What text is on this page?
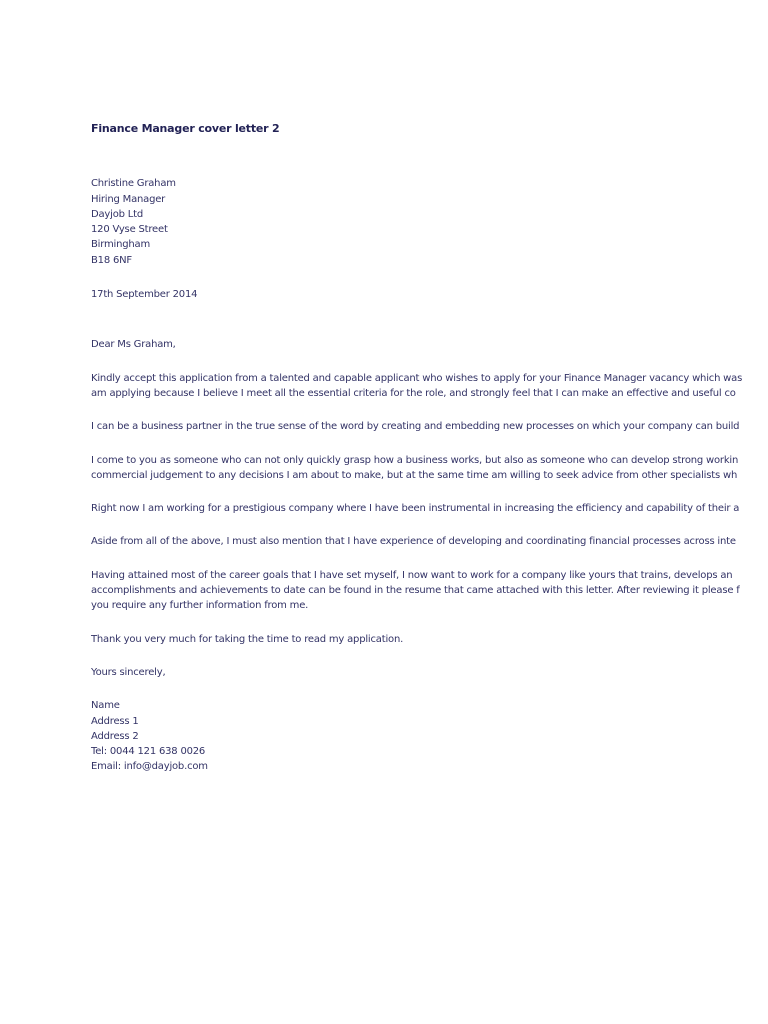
Finance Manager cover letter 2
Christine Graham
Hiring Manager
Dayjob Ltd
120 Vyse Street
Birmingham
B18 6NF
17th September 2014
Dear Ms Graham,
Kindly accept this application from a talented and capable applicant who wishes to apply for your Finance Manager vacancy which was
am applying because I believe I meet all the essential criteria for the role, and strongly feel that I can make an effective and useful co
I can be a business partner in the true sense of the word by creating and embedding new processes on which your company can build
I come to you as someone who can not only quickly grasp how a business works, but also as someone who can develop strong workin
commercial judgement to any decisions I am about to make, but at the same time am willing to seek advice from other specialists wh
Right now I am working for a prestigious company where I have been instrumental in increasing the efficiency and capability of their a
Aside from all of the above, I must also mention that I have experience of developing and coordinating financial processes across inte
Having attained most of the career goals that I have set myself, I now want to work for a company like yours that trains, develops an
accomplishments and achievements to date can be found in the resume that came attached with this letter. After reviewing it please f
you require any further information from me.
Thank you very much for taking the time to read my application.
Yours sincerely,
Name
Address 1
Address 2
Tel: 0044 121 638 0026
Email: info@dayjob.com
